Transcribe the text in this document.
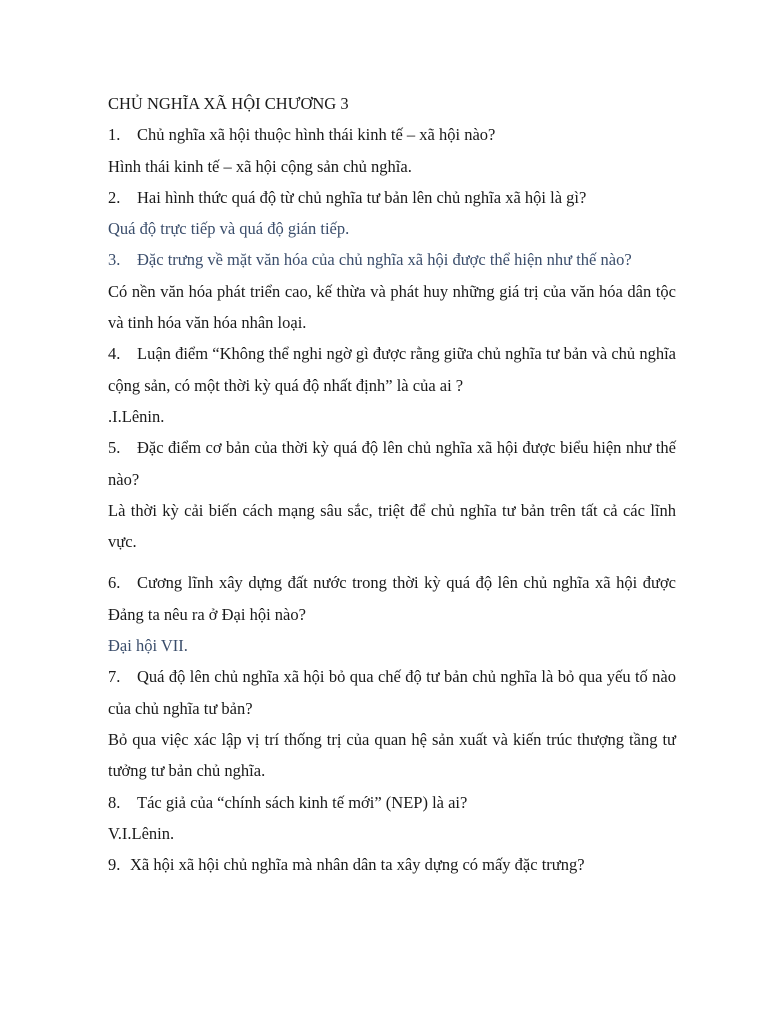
CHỦ NGHĨA XÃ HỘI CHƯƠNG 3

1.	Chủ nghĩa xã hội thuộc hình thái kinh tế – xã hội nào?

Hình thái kinh tế – xã hội cộng sản chủ nghĩa.

2.	Hai hình thức quá độ từ chủ nghĩa tư bản lên chủ nghĩa xã hội là gì?

Quá độ trực tiếp và quá độ gián tiếp.

3.	Đặc trưng về mặt văn hóa của chủ nghĩa xã hội được thể hiện như thế nào?

Có nền văn hóa phát triển cao, kế thừa và phát huy những giá trị của văn hóa dân tộc và tinh hóa văn hóa nhân loại.

4. Luận điểm “Không thể nghi ngờ gì được rằng giữa chủ nghĩa tư bản và chủ nghĩa cộng sản, có một thời kỳ quá độ nhất định” là của ai ?

.I.Lênin.

5. Đặc điểm cơ bản của thời kỳ quá độ lên chủ nghĩa xã hội được biểu hiện như thế nào?

Là thời kỳ cải biến cách mạng sâu sắc, triệt để chủ nghĩa tư bản trên tất cả các lĩnh vực.

6. Cương lĩnh xây dựng đất nước trong thời kỳ quá độ lên chủ nghĩa xã hội được Đảng ta nêu ra ở Đại hội nào?

Đại hội VII.

7. Quá độ lên chủ nghĩa xã hội bỏ qua chế độ tư bản chủ nghĩa là bỏ qua yếu tố nào của chủ nghĩa tư bản?

Bỏ qua việc xác lập vị trí thống trị của quan hệ sản xuất và kiến trúc thượng tầng tư tưởng tư bản chủ nghĩa.

8.	Tác giả của “chính sách kinh tế mới” (NEP) là ai?

V.I.Lênin.

9. Xã hội xã hội chủ nghĩa mà nhân dân ta xây dựng có mấy đặc trưng?
